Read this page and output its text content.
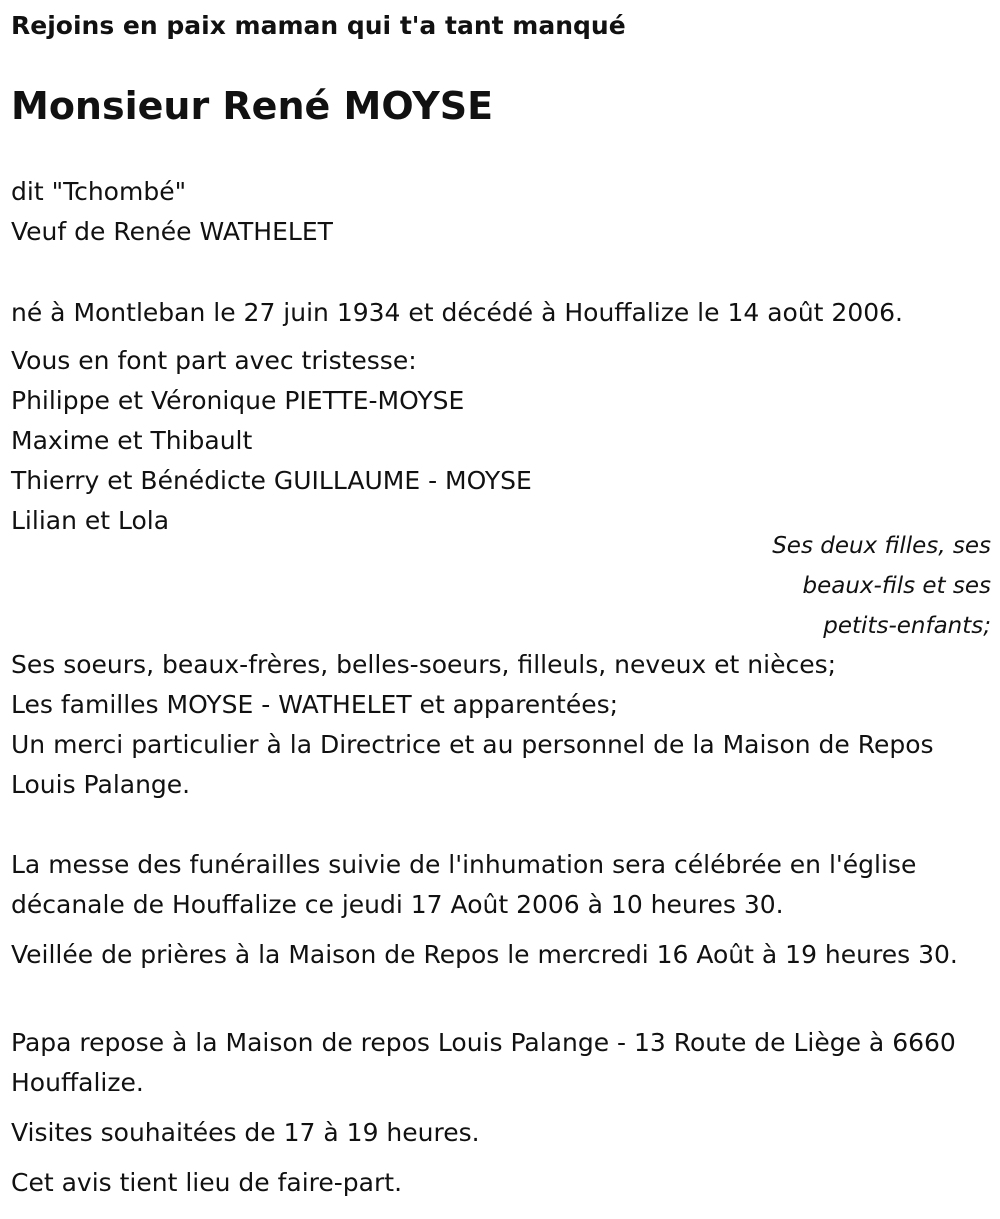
Rejoins en paix maman qui t'a tant manqué
Monsieur René MOYSE
dit "Tchombé"
Veuf de Renée WATHELET
né à Montleban le 27 juin 1934 et décédé à Houffalize le 14 août 2006.
Vous en font part avec tristesse:
Philippe et Véronique PIETTE-MOYSE
Maxime et Thibault
Thierry et Bénédicte GUILLAUME - MOYSE
Lilian et Lola
Ses deux filles, ses beaux-fils et ses petits-enfants;
Ses soeurs, beaux-frères, belles-soeurs, filleuls, neveux et nièces;
Les familles MOYSE - WATHELET et apparentées;
Un merci particulier à la Directrice et au personnel de la Maison de Repos Louis Palange.
La messe des funérailles suivie de l'inhumation sera célébrée en l'église décanale de Houffalize ce jeudi 17 Août 2006 à 10 heures 30.
Veillée de prières à la Maison de Repos le mercredi 16 Août à 19 heures 30.
Papa repose à la Maison de repos Louis Palange - 13 Route de Liège à 6660 Houffalize.
Visites souhaitées de 17 à 19 heures.
Cet avis tient lieu de faire-part.
